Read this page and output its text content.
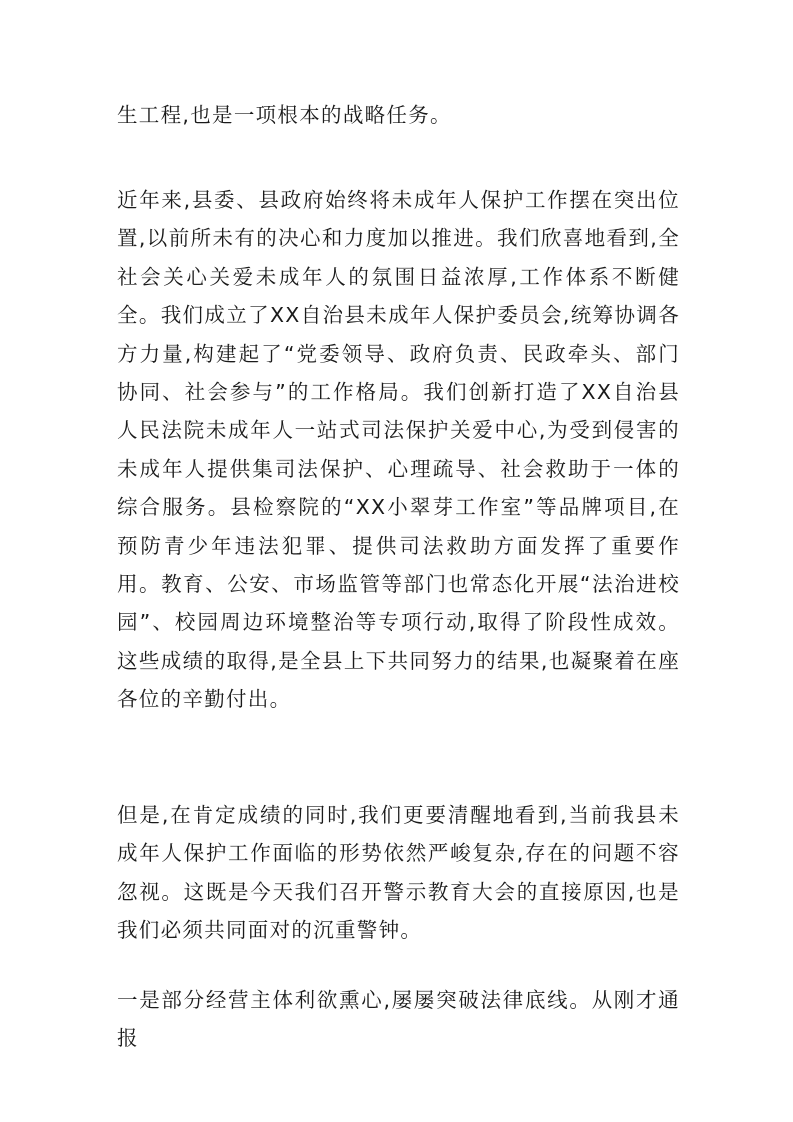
生工程,也是一项根本的战略任务。

近年来,县委、县政府始终将未成年人保护工作摆在突出位置,以前所未有的决心和力度加以推进。我们欣喜地看到,全社会关心关爱未成年人的氛围日益浓厚,工作体系不断健全。我们成立了XX自治县未成年人保护委员会,统筹协调各方力量,构建起了“党委领导、政府负责、民政牵头、部门协同、社会参与”的工作格局。我们创新打造了XX自治县人民法院未成年人一站式司法保护关爱中心,为受到侵害的未成年人提供集司法保护、心理疏导、社会救助于一体的综合服务。县检察院的“XX小翠芽工作室”等品牌项目,在预防青少年违法犯罪、提供司法救助方面发挥了重要作用。教育、公安、市场监管等部门也常态化开展“法治进校园”、校园周边环境整治等专项行动,取得了阶段性成效。这些成绩的取得,是全县上下共同努力的结果,也凝聚着在座各位的辛勤付出。

但是,在肯定成绩的同时,我们更要清醒地看到,当前我县未成年人保护工作面临的形势依然严峻复杂,存在的问题不容忽视。这既是今天我们召开警示教育大会的直接原因,也是我们必须共同面对的沉重警钟。

一是部分经营主体利欲熏心,屡屡突破法律底线。从刚才通报
